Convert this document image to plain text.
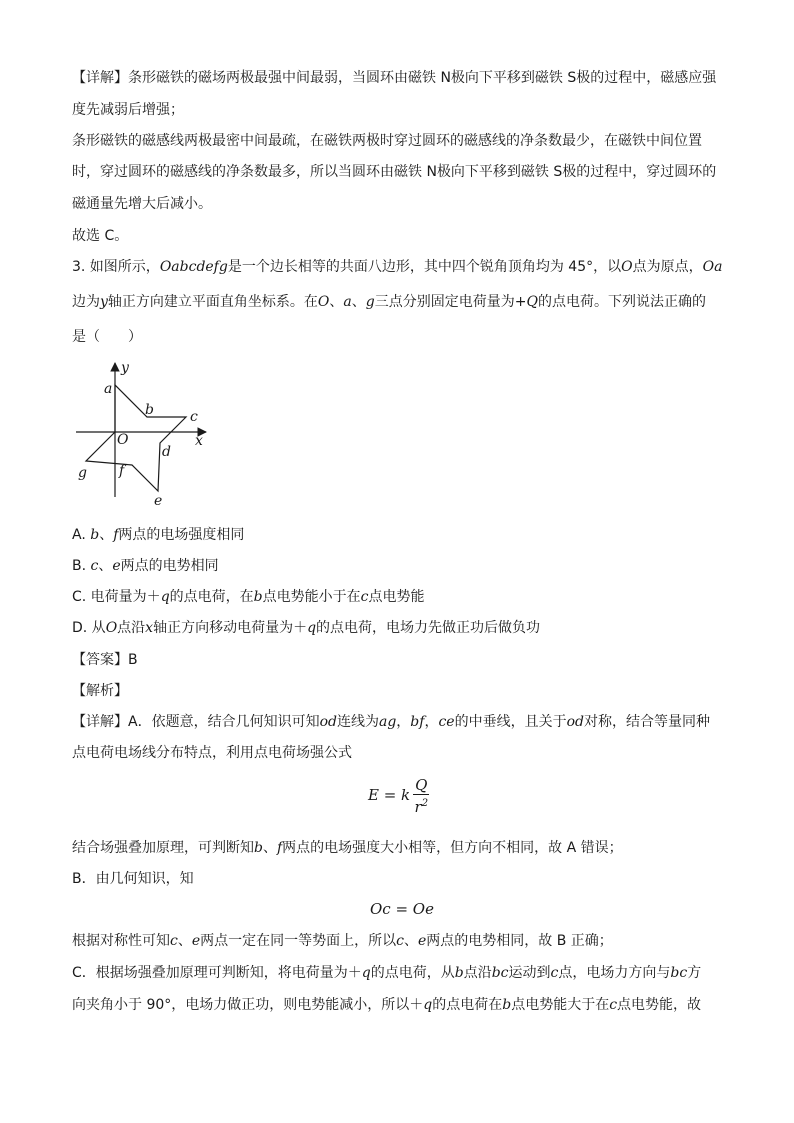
【详解】条形磁铁的磁场两极最强中间最弱，当圆环由磁铁 N极向下平移到磁铁 S极的过程中，磁感应强
度先减弱后增强；
条形磁铁的磁感线两极最密中间最疏，在磁铁两极时穿过圆环的磁感线的净条数最少，在磁铁中间位置
时，穿过圆环的磁感线的净条数最多，所以当圆环由磁铁 N极向下平移到磁铁 S极的过程中，穿过圆环的
磁通量先增大后减小。
故选 C。
3. 如图所示，Oabcdefg是一个边长相等的共面八边形，其中四个锐角顶角均为 45°，以O点为原点，Oa
边为y轴正方向建立平面直角坐标系。在O、a、g三点分别固定电荷量为+Q的点电荷。下列说法正确的
是（　　）
y
x
O
a
b	c
d
e
f
g
A. b、f两点的电场强度相同
B. c、e两点的电势相同
C. 电荷量为＋q的点电荷，在b点电势能小于在c点电势能
D. 从O点沿x轴正方向移动电荷量为＋q的点电荷，电场力先做正功后做负功
【答案】B
【解析】
【详解】A．依题意，结合几何知识可知od连线为ag，bf，ce的中垂线，且关于od对称，结合等量同种
点电荷电场线分布特点，利用点电荷场强公式
E = k $\frac{Q}{r^2}$
结合场强叠加原理，可判断知b、f两点的电场强度大小相等，但方向不相同，故 A 错误；
B．由几何知识，知
Oc = Oe
根据对称性可知c、e两点一定在同一等势面上，所以c、e两点的电势相同，故 B 正确；
C．根据场强叠加原理可判断知，将电荷量为＋q的点电荷，从b点沿bc运动到c点，电场力方向与bc方
向夹角小于 90°，电场力做正功，则电势能减小，所以＋q的点电荷在b点电势能大于在c点电势能，故
